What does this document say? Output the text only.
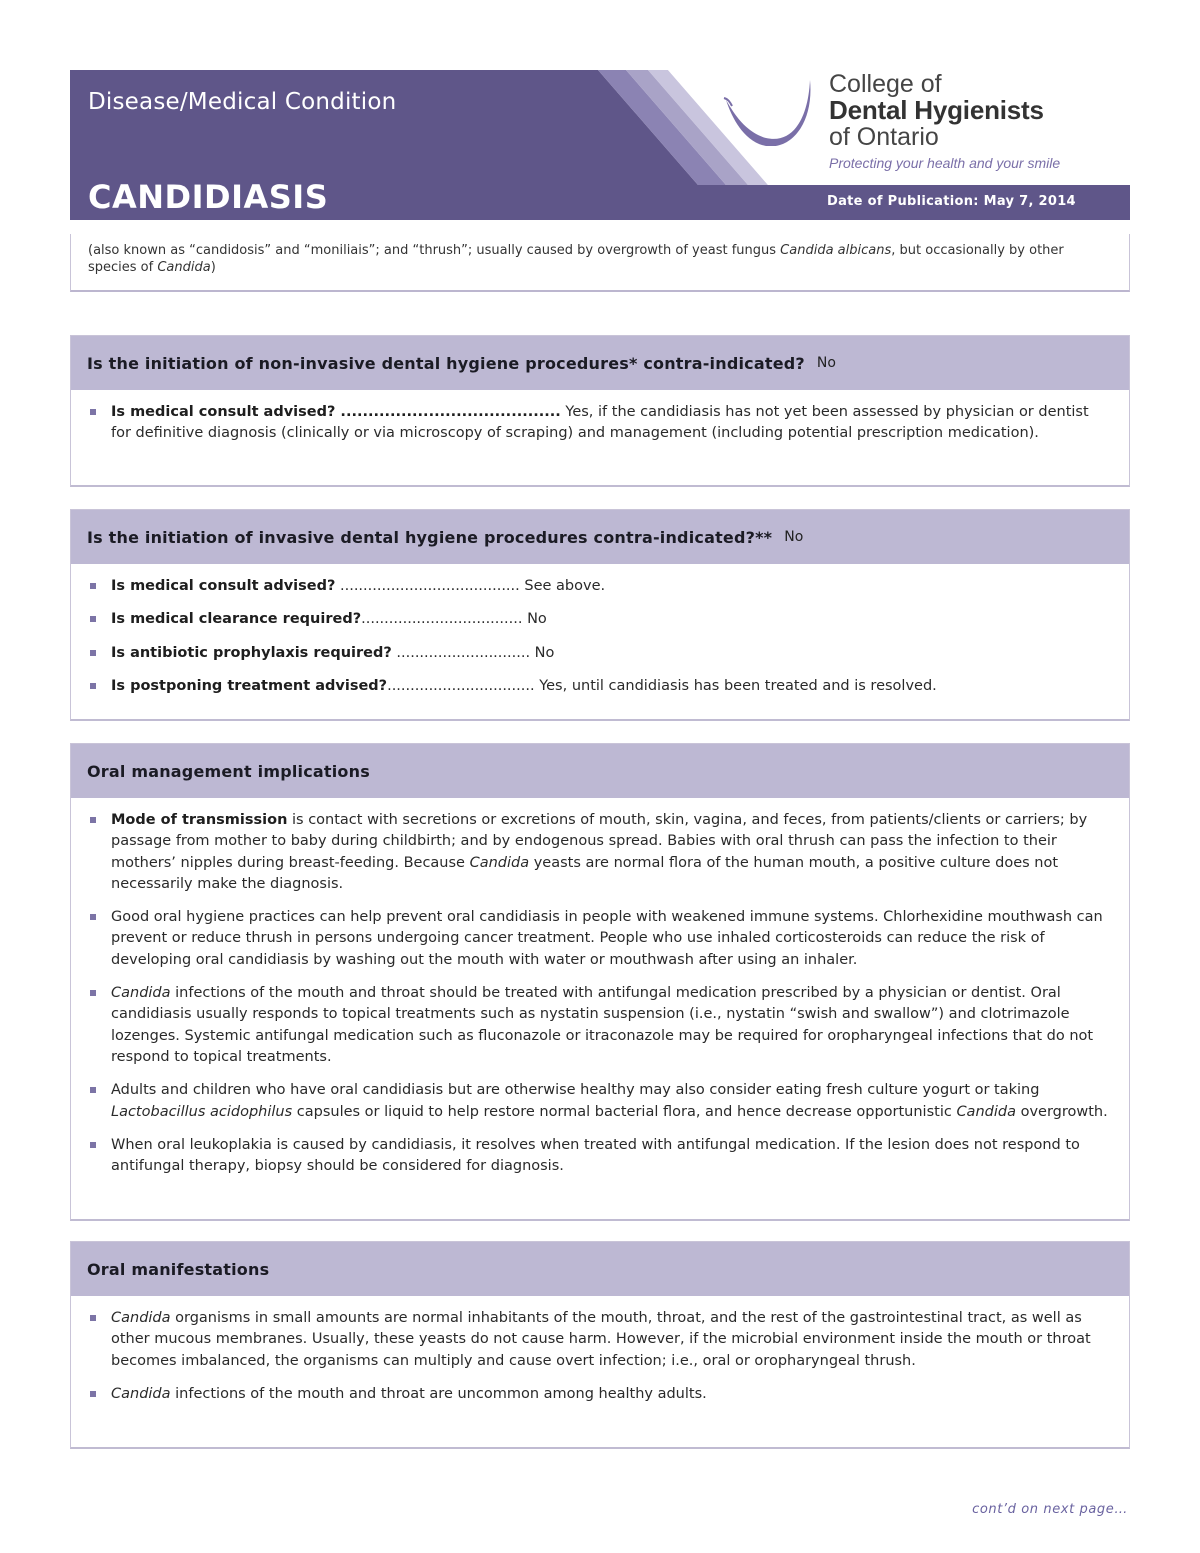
Disease/Medical Condition
CANDIDIASIS	Date of Publication: May 7, 2014
College of
Dental Hygienists
of Ontario
Protecting your health and your smile
(also known as “candidosis” and “moniliais”; and “thrush”; usually caused by overgrowth of yeast fungus Candida albicans, but occasionally by other species of Candida)
Is the initiation of non-invasive dental hygiene procedures* contra-indicated? No
Is medical consult advised? ........................................ Yes, if the candidiasis has not yet been assessed by physician or dentist for definitive diagnosis (clinically or via microscopy of scraping) and management (including potential prescription medication).
Is the initiation of invasive dental hygiene procedures contra-indicated?** No
Is medical consult advised? ....................................... See above.
Is medical clearance required?................................... No
Is antibiotic prophylaxis required? ............................. No
Is postponing treatment advised?................................ Yes, until candidiasis has been treated and is resolved.
Oral management implications
Mode of transmission is contact with secretions or excretions of mouth, skin, vagina, and feces, from patients/clients or carriers; by passage from mother to baby during childbirth; and by endogenous spread. Babies with oral thrush can pass the infection to their mothers’ nipples during breast-feeding. Because Candida yeasts are normal flora of the human mouth, a positive culture does not necessarily make the diagnosis.
Good oral hygiene practices can help prevent oral candidiasis in people with weakened immune systems. Chlorhexidine mouthwash can prevent or reduce thrush in persons undergoing cancer treatment. People who use inhaled corticosteroids can reduce the risk of developing oral candidiasis by washing out the mouth with water or mouthwash after using an inhaler.
Candida infections of the mouth and throat should be treated with antifungal medication prescribed by a physician or dentist. Oral candidiasis usually responds to topical treatments such as nystatin suspension (i.e., nystatin “swish and swallow”) and clotrimazole lozenges. Systemic antifungal medication such as fluconazole or itraconazole may be required for oropharyngeal infections that do not respond to topical treatments.
Adults and children who have oral candidiasis but are otherwise healthy may also consider eating fresh culture yogurt or taking Lactobacillus acidophilus capsules or liquid to help restore normal bacterial flora, and hence decrease opportunistic Candida overgrowth.
When oral leukoplakia is caused by candidiasis, it resolves when treated with antifungal medication. If the lesion does not respond to antifungal therapy, biopsy should be considered for diagnosis.
Oral manifestations
Candida organisms in small amounts are normal inhabitants of the mouth, throat, and the rest of the gastrointestinal tract, as well as other mucous membranes. Usually, these yeasts do not cause harm. However, if the microbial environment inside the mouth or throat becomes imbalanced, the organisms can multiply and cause overt infection; i.e., oral or oropharyngeal thrush.
Candida infections of the mouth and throat are uncommon among healthy adults.
cont’d on next page…
